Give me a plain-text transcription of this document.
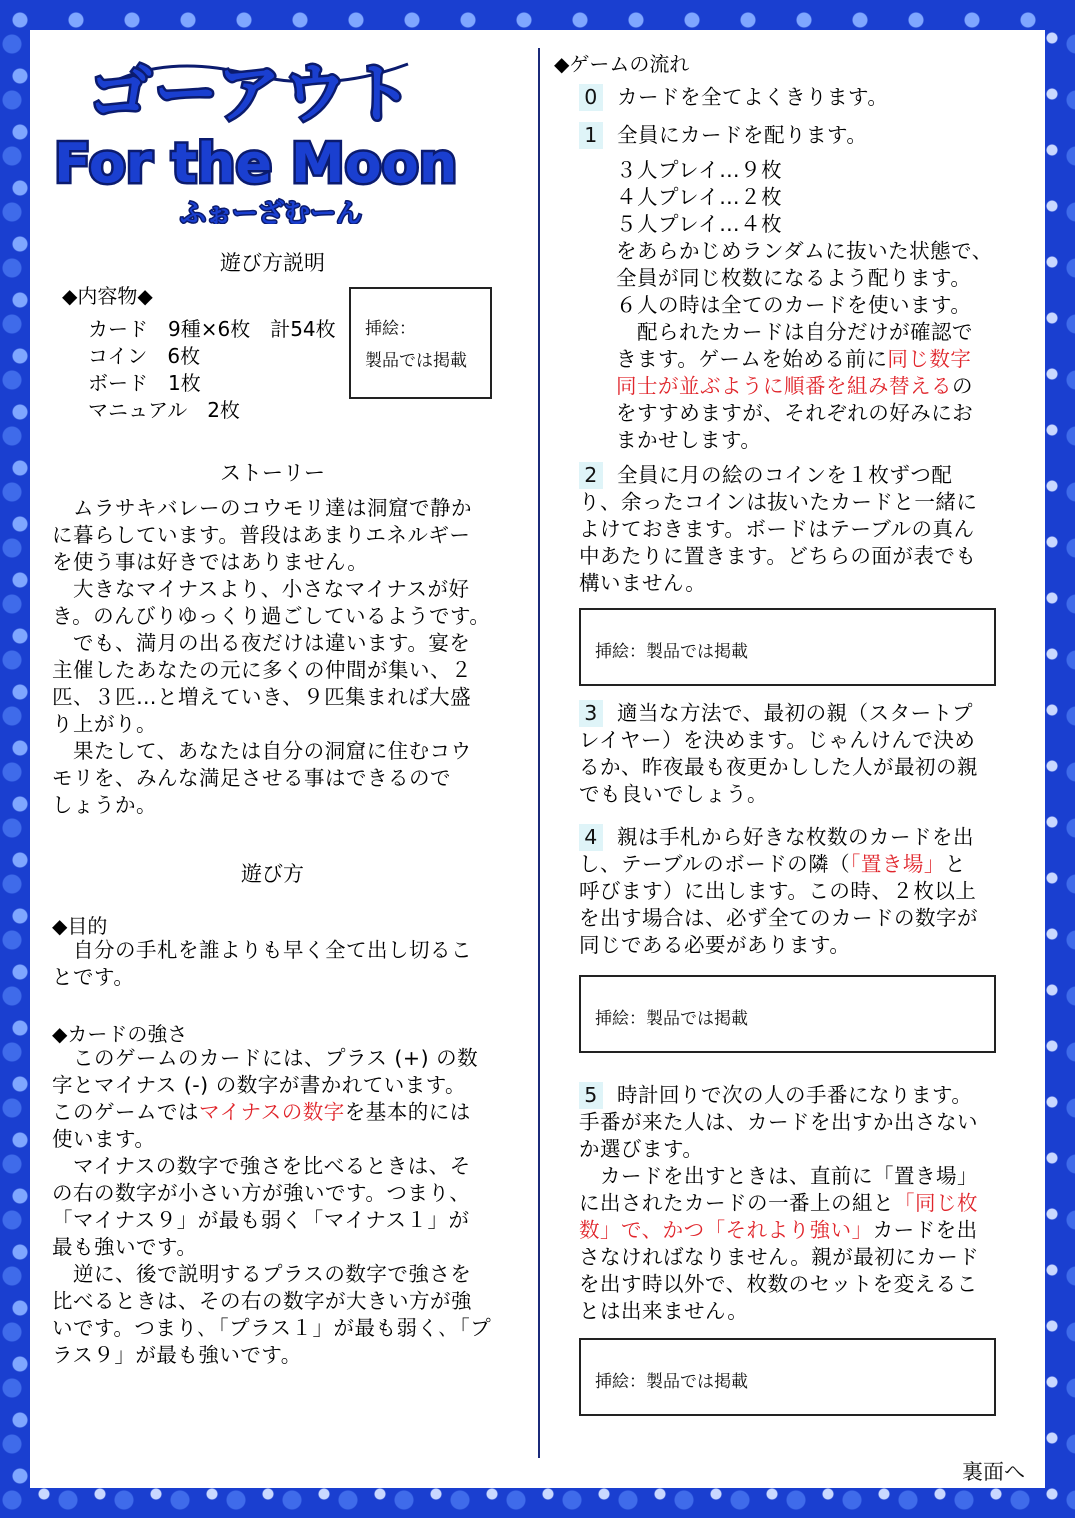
ゴーアウト
For the Moon
ふぉーざむーん
遊び方説明
◆内容物◆
カード　9種×6枚　計54枚
コイン　6枚
ボード　1枚
マニュアル　2枚
挿絵：
製品では掲載
ストーリー
　ムラサキバレーのコウモリ達は洞窟で静か
に暮らしています。普段はあまりエネルギー
を使う事は好きではありません。
　大きなマイナスより、小さなマイナスが好
き。のんびりゆっくり過ごしているようです。
　でも、満月の出る夜だけは違います。宴を
主催したあなたの元に多くの仲間が集い、２
匹、３匹…と増えていき、９匹集まれば大盛
り上がり。
　果たして、あなたは自分の洞窟に住むコウ
モリを、みんな満足させる事はできるので
しょうか。
遊び方
◆目的
　自分の手札を誰よりも早く全て出し切るこ
とです。
◆カードの強さ
　このゲームのカードには、プラス (+) の数
字とマイナス (-) の数字が書かれています。
このゲームではマイナスの数字を基本的には
使います。
　マイナスの数字で強さを比べるときは、そ
の右の数字が小さい方が強いです。つまり、
「マイナス９」が最も弱く「マイナス１」が
最も強いです。
　逆に、後で説明するプラスの数字で強さを
比べるときは、その右の数字が大きい方が強
いです。つまり､「プラス１」が最も弱く､「プ
ラス９」が最も強いです。
◆ゲームの流れ
0 カードを全てよくきります。
1 全員にカードを配ります。
３人プレイ…９枚
４人プレイ…２枚
５人プレイ…４枚
をあらかじめランダムに抜いた状態で、
全員が同じ枚数になるよう配ります。
６人の時は全てのカードを使います。
　配られたカードは自分だけが確認で
きます。ゲームを始める前に同じ数字
同士が並ぶように順番を組み替えるの
をすすめますが、それぞれの好みにお
まかせします。
2 全員に月の絵のコインを１枚ずつ配
り、余ったコインは抜いたカードと一緒に
よけておきます。ボードはテーブルの真ん
中あたりに置きます。どちらの面が表でも
構いません。
挿絵：製品では掲載
3 適当な方法で、最初の親（スタートプ
レイヤー）を決めます。じゃんけんで決め
るか、昨夜最も夜更かしした人が最初の親
でも良いでしょう。
4 親は手札から好きな枚数のカードを出
し、テーブルのボードの隣（「置き場」と
呼びます）に出します。この時、２枚以上
を出す場合は、必ず全てのカードの数字が
同じである必要があります。
挿絵：製品では掲載
5 時計回りで次の人の手番になります。
手番が来た人は、カードを出すか出さない
か選びます。
　カードを出すときは、直前に「置き場」
に出されたカードの一番上の組と「同じ枚
数」で、かつ「それより強い」カードを出
さなければなりません。親が最初にカード
を出す時以外で、枚数のセットを変えるこ
とは出来ません。
挿絵：製品では掲載
裏面へ
